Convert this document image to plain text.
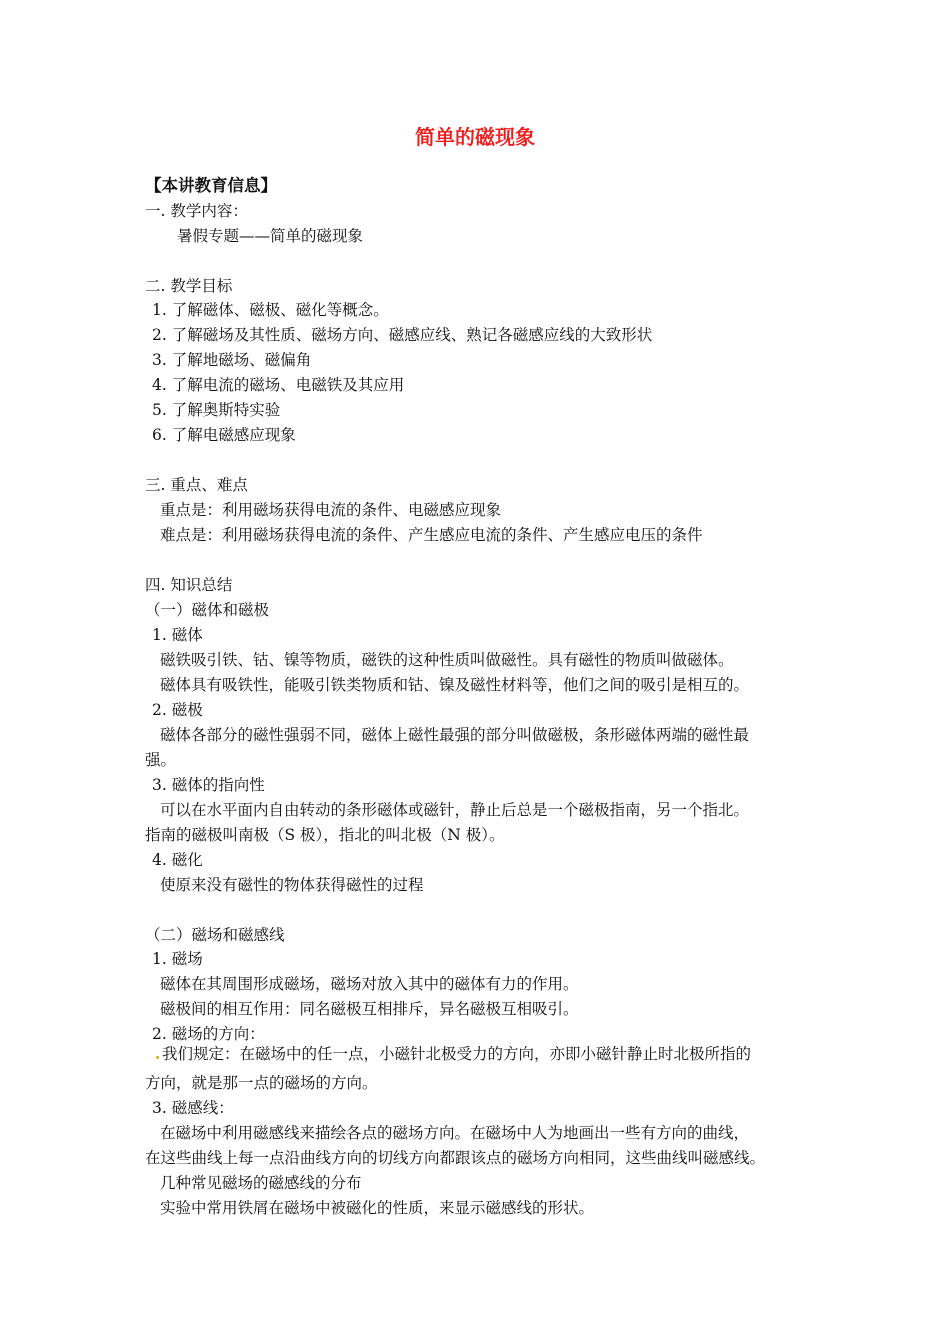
简单的磁现象
【本讲教育信息】
一. 教学内容：
暑假专题——简单的磁现象
二. 教学目标
1. 了解磁体、磁极、磁化等概念。
2. 了解磁场及其性质、磁场方向、磁感应线、熟记各磁感应线的大致形状
3. 了解地磁场、磁偏角
4. 了解电流的磁场、电磁铁及其应用
5. 了解奥斯特实验
6. 了解电磁感应现象
三. 重点、难点
重点是：利用磁场获得电流的条件、电磁感应现象
难点是：利用磁场获得电流的条件、产生感应电流的条件、产生感应电压的条件
四. 知识总结
（一）磁体和磁极
1. 磁体
磁铁吸引铁、钴、镍等物质，磁铁的这种性质叫做磁性。具有磁性的物质叫做磁体。
磁体具有吸铁性，能吸引铁类物质和钴、镍及磁性材料等，他们之间的吸引是相互的。
2. 磁极
磁体各部分的磁性强弱不同，磁体上磁性最强的部分叫做磁极，条形磁体两端的磁性最
强。
3. 磁体的指向性
可以在水平面内自由转动的条形磁体或磁针，静止后总是一个磁极指南，另一个指北。
指南的磁极叫南极（S 极），指北的叫北极（N 极）。
4. 磁化
使原来没有磁性的物体获得磁性的过程
（二）磁场和磁感线
1. 磁场
磁体在其周围形成磁场，磁场对放入其中的磁体有力的作用。
磁极间的相互作用：同名磁极互相排斥，异名磁极互相吸引。
2. 磁场的方向：
我们规定：在磁场中的任一点，小磁针北极受力的方向，亦即小磁针静止时北极所指的
方向，就是那一点的磁场的方向。
3. 磁感线：
在磁场中利用磁感线来描绘各点的磁场方向。在磁场中人为地画出一些有方向的曲线，
在这些曲线上每一点沿曲线方向的切线方向都跟该点的磁场方向相同，这些曲线叫磁感线。
几种常见磁场的磁感线的分布
实验中常用铁屑在磁场中被磁化的性质，来显示磁感线的形状。
